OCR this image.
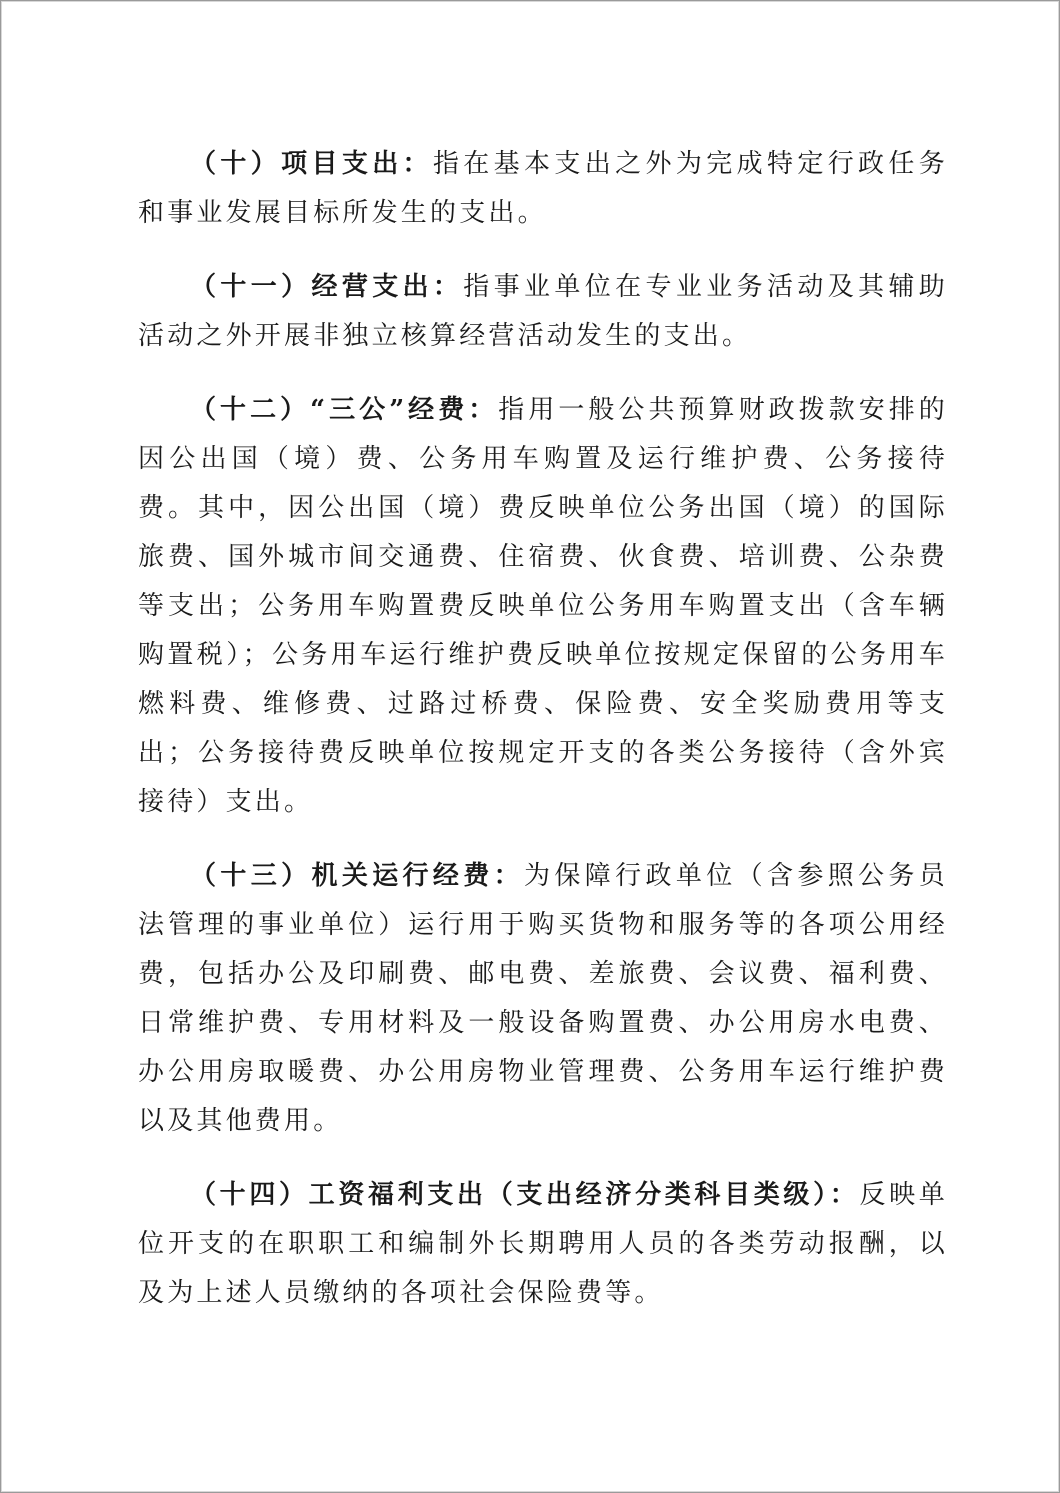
（十）项目支出：指在基本支出之外为完成特定行政任务和事业发展目标所发生的支出。

（十一）经营支出：指事业单位在专业业务活动及其辅助活动之外开展非独立核算经营活动发生的支出。

（十二）“三公”经费：指用一般公共预算财政拨款安排的因公出国（境）费、公务用车购置及运行维护费、公务接待费。其中，因公出国（境）费反映单位公务出国（境）的国际旅费、国外城市间交通费、住宿费、伙食费、培训费、公杂费等支出；公务用车购置费反映单位公务用车购置支出（含车辆购置税）；公务用车运行维护费反映单位按规定保留的公务用车燃料费、维修费、过路过桥费、保险费、安全奖励费用等支出；公务接待费反映单位按规定开支的各类公务接待（含外宾接待）支出。

（十三）机关运行经费：为保障行政单位（含参照公务员法管理的事业单位）运行用于购买货物和服务等的各项公用经费，包括办公及印刷费、邮电费、差旅费、会议费、福利费、日常维护费、专用材料及一般设备购置费、办公用房水电费、办公用房取暖费、办公用房物业管理费、公务用车运行维护费以及其他费用。

（十四）工资福利支出（支出经济分类科目类级）：反映单位开支的在职职工和编制外长期聘用人员的各类劳动报酬，以及为上述人员缴纳的各项社会保险费等。
